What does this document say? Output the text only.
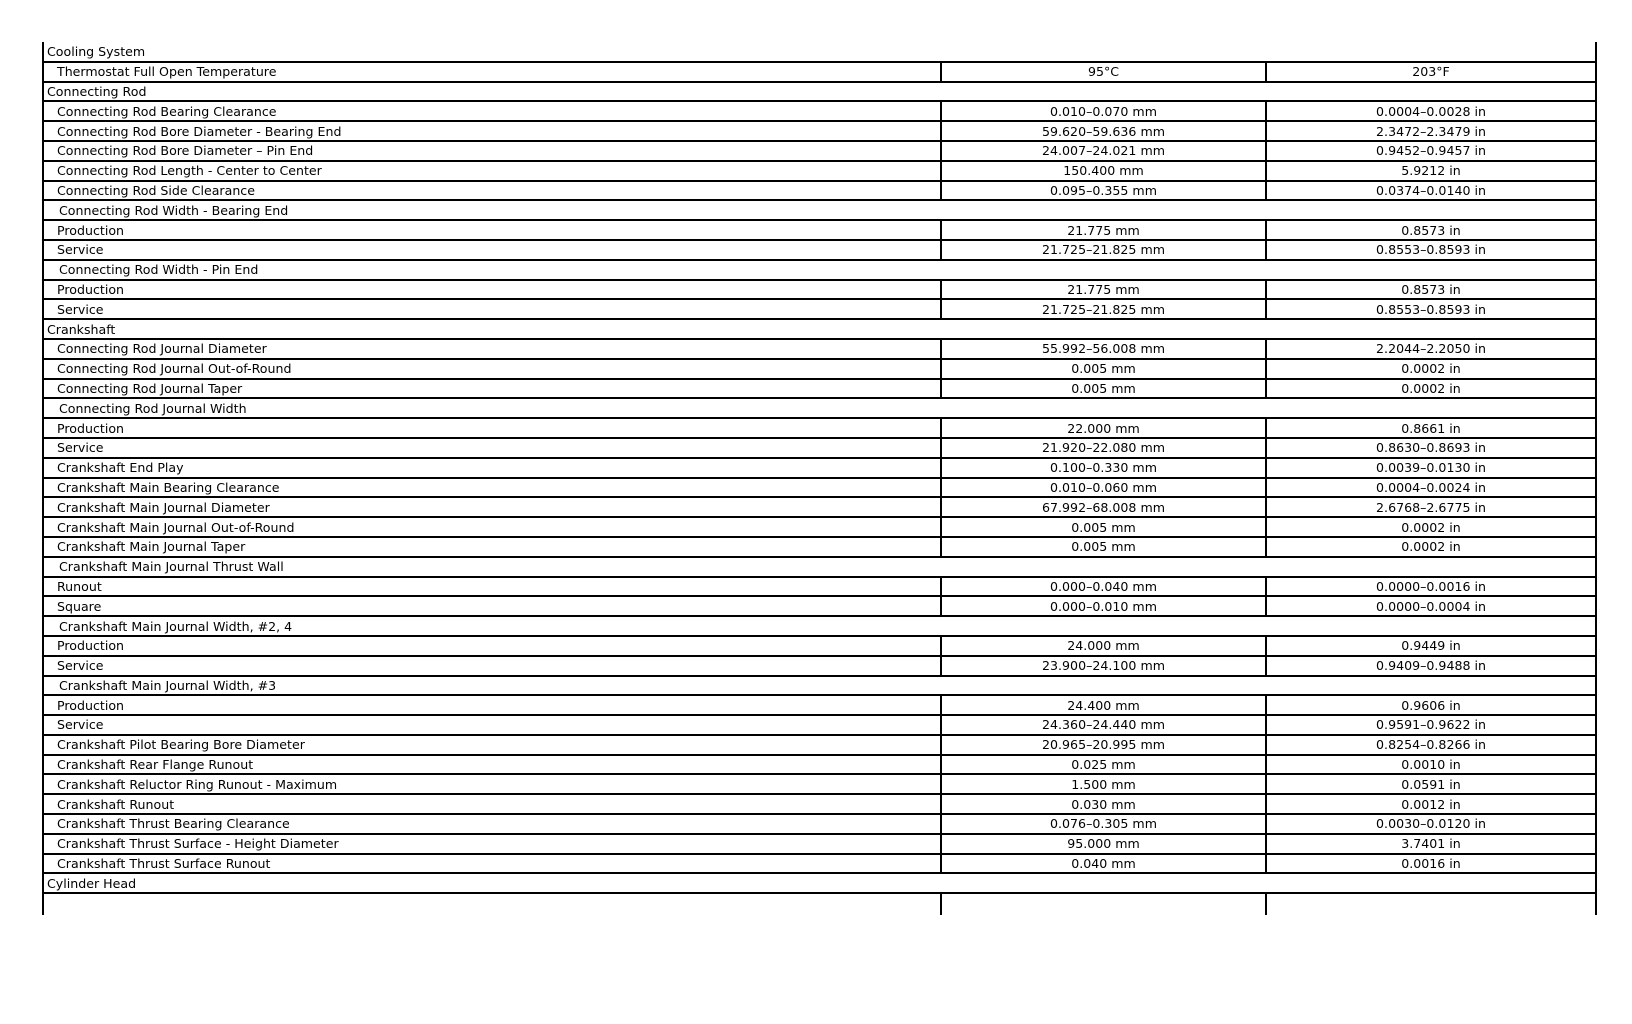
Cooling System		
Thermostat Full Open Temperature	95°C	203°F
Connecting Rod		
Connecting Rod Bearing Clearance	0.010–0.070 mm	0.0004–0.0028 in
Connecting Rod Bore Diameter - Bearing End	59.620–59.636 mm	2.3472–2.3479 in
Connecting Rod Bore Diameter – Pin End	24.007–24.021 mm	0.9452–0.9457 in
Connecting Rod Length - Center to Center	150.400 mm	5.9212 in
Connecting Rod Side Clearance	0.095–0.355 mm	0.0374–0.0140 in
Connecting Rod Width - Bearing End		
Production	21.775 mm	0.8573 in
Service	21.725–21.825 mm	0.8553–0.8593 in
Connecting Rod Width - Pin End		
Production	21.775 mm	0.8573 in
Service	21.725–21.825 mm	0.8553–0.8593 in
Crankshaft		
Connecting Rod Journal Diameter	55.992–56.008 mm	2.2044–2.2050 in
Connecting Rod Journal Out-of-Round	0.005 mm	0.0002 in
Connecting Rod Journal Taper	0.005 mm	0.0002 in
Connecting Rod Journal Width		
Production	22.000 mm	0.8661 in
Service	21.920–22.080 mm	0.8630–0.8693 in
Crankshaft End Play	0.100–0.330 mm	0.0039–0.0130 in
Crankshaft Main Bearing Clearance	0.010–0.060 mm	0.0004–0.0024 in
Crankshaft Main Journal Diameter	67.992–68.008 mm	2.6768–2.6775 in
Crankshaft Main Journal Out-of-Round	0.005 mm	0.0002 in
Crankshaft Main Journal Taper	0.005 mm	0.0002 in
Crankshaft Main Journal Thrust Wall		
Runout	0.000–0.040 mm	0.0000–0.0016 in
Square	0.000–0.010 mm	0.0000–0.0004 in
Crankshaft Main Journal Width, #2, 4		
Production	24.000 mm	0.9449 in
Service	23.900–24.100 mm	0.9409–0.9488 in
Crankshaft Main Journal Width, #3		
Production	24.400 mm	0.9606 in
Service	24.360–24.440 mm	0.9591–0.9622 in
Crankshaft Pilot Bearing Bore Diameter	20.965–20.995 mm	0.8254–0.8266 in
Crankshaft Rear Flange Runout	0.025 mm	0.0010 in
Crankshaft Reluctor Ring Runout - Maximum	1.500 mm	0.0591 in
Crankshaft Runout	0.030 mm	0.0012 in
Crankshaft Thrust Bearing Clearance	0.076–0.305 mm	0.0030–0.0120 in
Crankshaft Thrust Surface - Height Diameter	95.000 mm	3.7401 in
Crankshaft Thrust Surface Runout	0.040 mm	0.0016 in
Cylinder Head		
